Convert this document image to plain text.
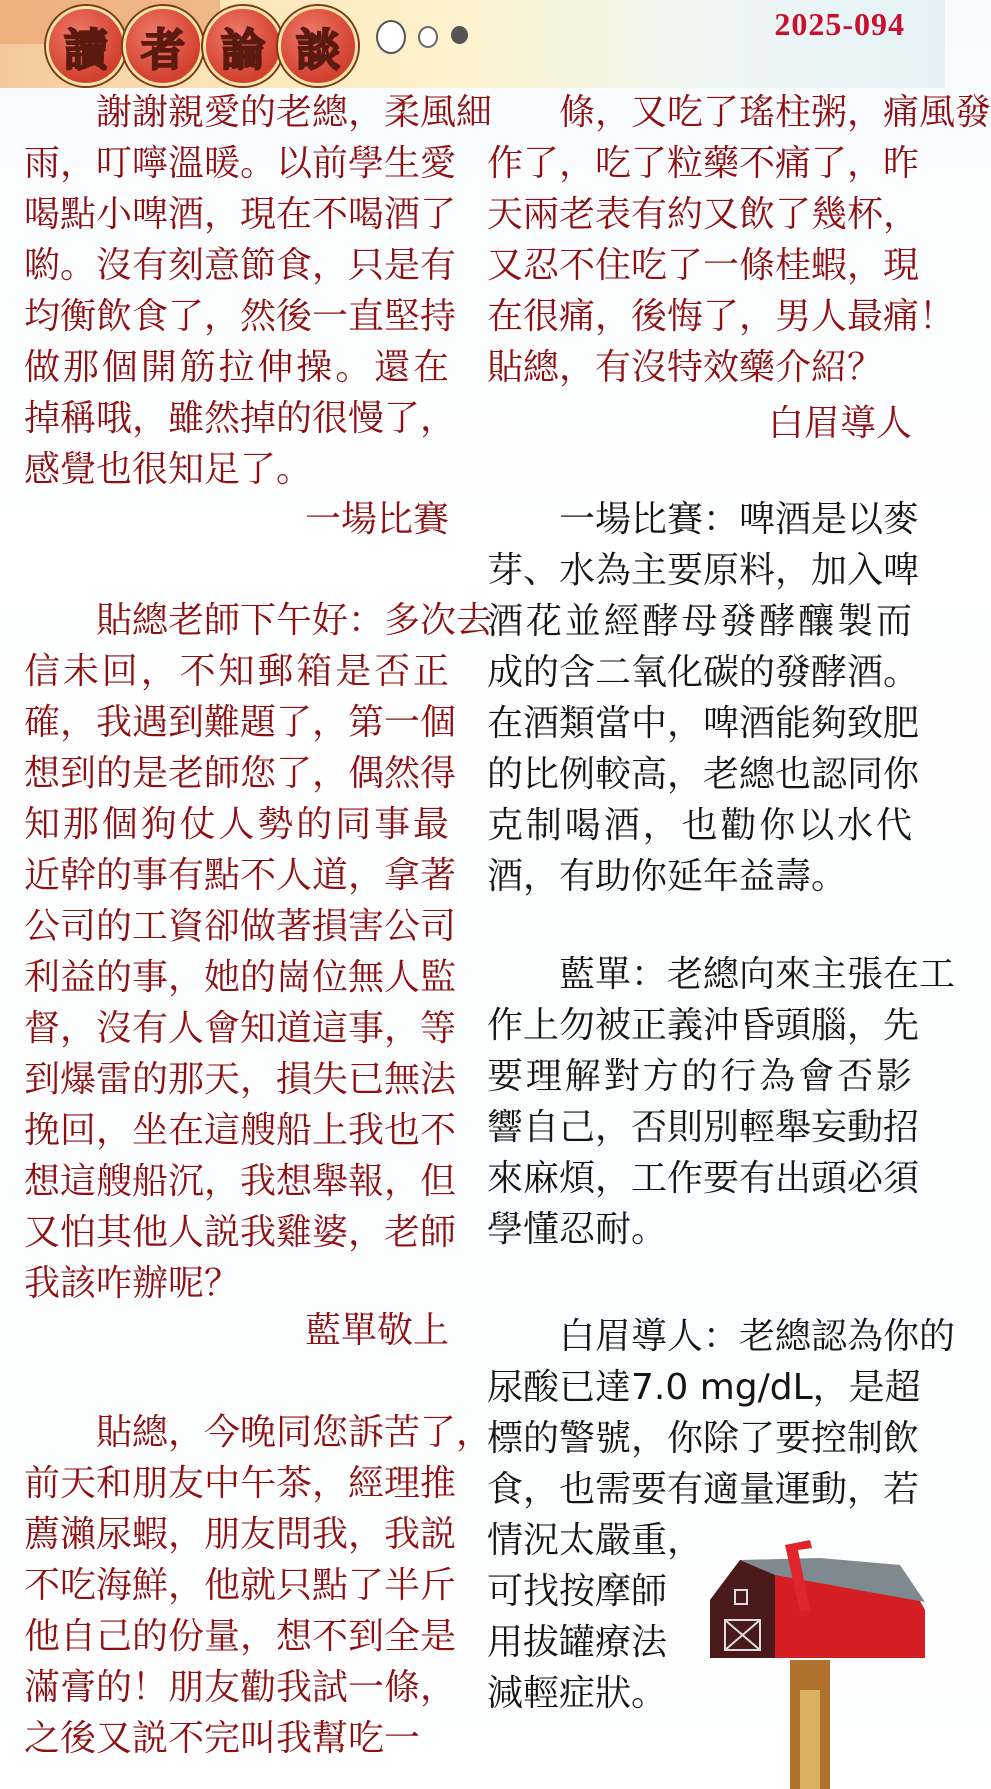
讀 者 論 談
2025-094
謝謝親愛的老總，柔風細
雨，叮嚀溫暖。以前學生愛
喝點小啤酒，現在不喝酒了
喲。沒有刻意節食，只是有
均衡飲食了，然後一直堅持
做那個開筋拉伸操。還在
掉稱哦，雖然掉的很慢了，
感覺也很知足了。
一場比賽
貼總老師下午好：多次去
信未回，不知郵箱是否正
確，我遇到難題了，第一個
想到的是老師您了，偶然得
知那個狗仗人勢的同事最
近幹的事有點不人道，拿著
公司的工資卻做著損害公司
利益的事，她的崗位無人監
督，沒有人會知道這事，等
到爆雷的那天，損失已無法
挽回，坐在這艘船上我也不
想這艘船沉，我想舉報，但
又怕其他人説我雞婆，老師
我該咋辦呢？
藍單敬上
貼總，今晚同您訴苦了，
前天和朋友中午茶，經理推
薦瀨尿蝦，朋友問我，我説
不吃海鮮，他就只點了半斤
他自己的份量，想不到全是
滿膏的！朋友勸我試一條，
之後又説不完叫我幫吃一
條，又吃了瑤柱粥，痛風發
作了，吃了粒藥不痛了，昨
天兩老表有約又飲了幾杯，
又忍不住吃了一條桂蝦，現
在很痛，後悔了，男人最痛！
貼總，有沒特效藥介紹？
白眉導人
一場比賽：啤酒是以麥
芽、水為主要原料，加入啤
酒花並經酵母發酵釀製而
成的含二氧化碳的發酵酒。
在酒類當中，啤酒能夠致肥
的比例較高，老總也認同你
克制喝酒，也勸你以水代
酒，有助你延年益壽。
藍單：老總向來主張在工
作上勿被正義沖昏頭腦，先
要理解對方的行為會否影
響自己，否則別輕舉妄動招
來麻煩，工作要有出頭必須
學懂忍耐。
白眉導人：老總認為你的
尿酸已達7.0 mg/dL，是超
標的警號，你除了要控制飲
食，也需要有適量運動，若
情況太嚴重，
可找按摩師
用拔罐療法
減輕症狀。
